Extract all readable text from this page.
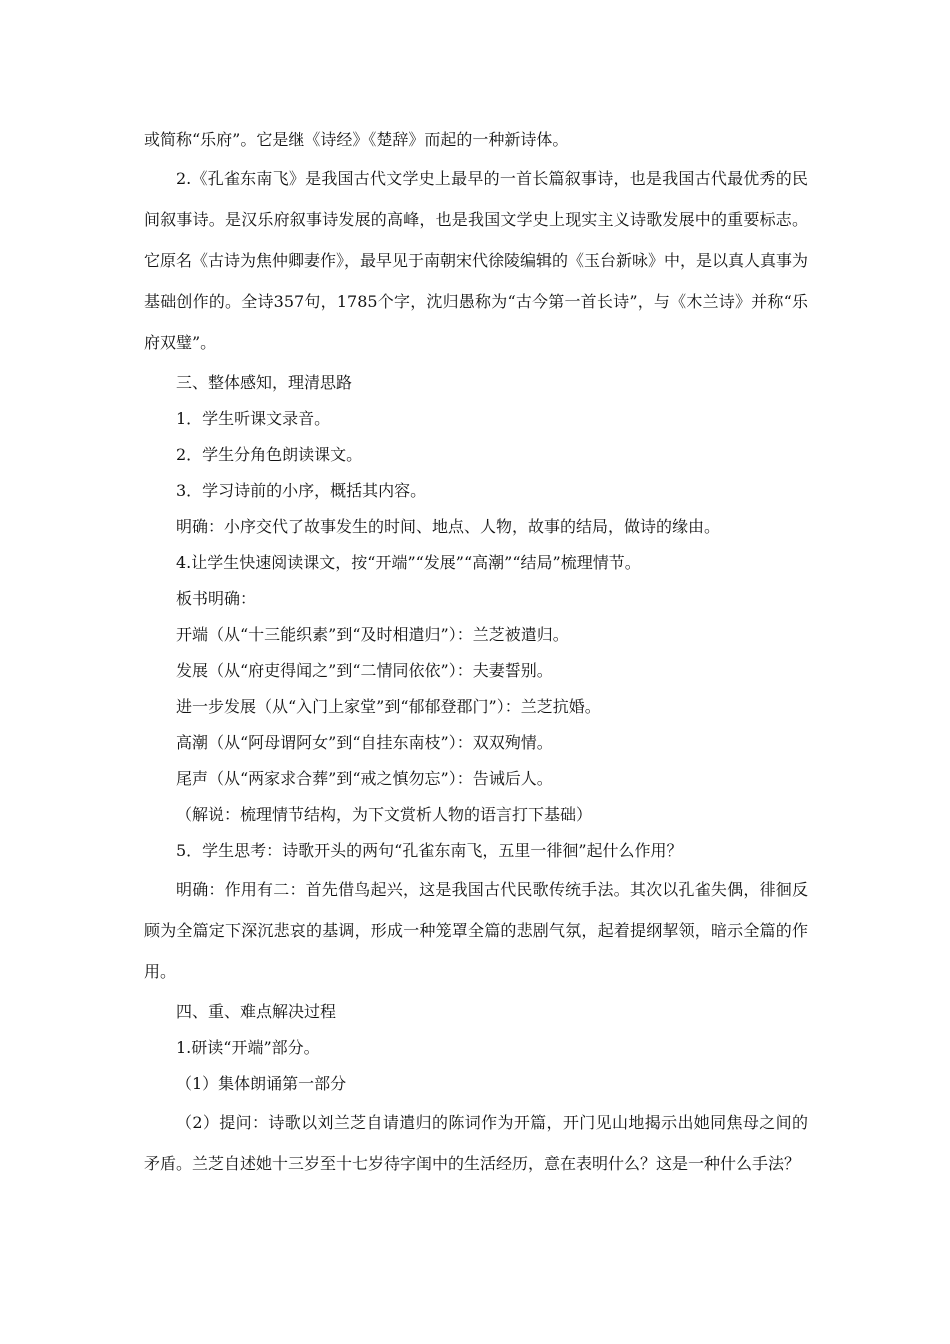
或简称“乐府”。它是继《诗经》《楚辞》而起的一种新诗体。

2.《孔雀东南飞》是我国古代文学史上最早的一首长篇叙事诗，也是我国古代最优秀的民间叙事诗。是汉乐府叙事诗发展的高峰，也是我国文学史上现实主义诗歌发展中的重要标志。它原名《古诗为焦仲卿妻作》，最早见于南朝宋代徐陵编辑的《玉台新咏》中，是以真人真事为基础创作的。全诗357句，1785个字，沈归愚称为“古今第一首长诗”，与《木兰诗》并称“乐府双璧”。

三、整体感知，理清思路

1．学生听课文录音。

2．学生分角色朗读课文。

3．学习诗前的小序，概括其内容。

明确：小序交代了故事发生的时间、地点、人物，故事的结局，做诗的缘由。

4.让学生快速阅读课文，按“开端”“发展”“高潮”“结局”梳理情节。

板书明确：

开端（从“十三能织素”到“及时相遣归”）：兰芝被遣归。

发展（从“府吏得闻之”到“二情同依依”）：夫妻誓别。

进一步发展（从“入门上家堂”到“郁郁登郡门”）：兰芝抗婚。

高潮（从“阿母谓阿女”到“自挂东南枝”）：双双殉情。

尾声（从“两家求合葬”到“戒之慎勿忘”）：告诫后人。

（解说：梳理情节结构，为下文赏析人物的语言打下基础）

5．学生思考：诗歌开头的两句“孔雀东南飞，五里一徘徊”起什么作用？

明确：作用有二：首先借鸟起兴，这是我国古代民歌传统手法。其次以孔雀失偶，徘徊反顾为全篇定下深沉悲哀的基调，形成一种笼罩全篇的悲剧气氛，起着提纲挈领，暗示全篇的作用。

四、重、难点解决过程

1.研读“开端”部分。

（1）集体朗诵第一部分

（2）提问：诗歌以刘兰芝自请遣归的陈词作为开篇，开门见山地揭示出她同焦母之间的矛盾。兰芝自述她十三岁至十七岁待字闺中的生活经历，意在表明什么？这是一种什么手法？
